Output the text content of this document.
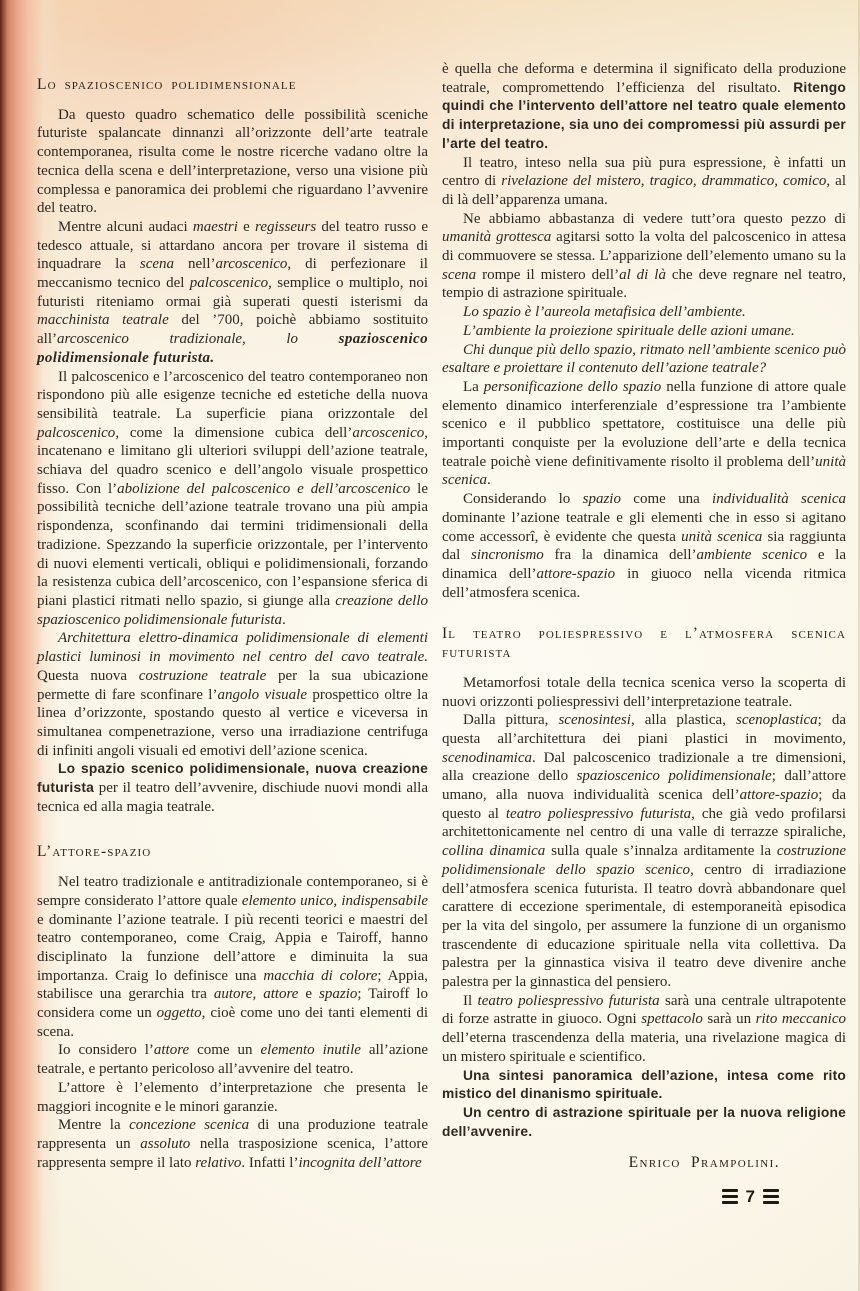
Lo spazioscenico polidimensionale

Da questo quadro schematico delle possibilità sceniche futuriste spalancate dinnanzi all’orizzonte dell’arte teatrale contemporanea, risulta come le nostre ricerche vadano oltre la tecnica della scena e dell’interpretazione, verso una visione più complessa e panoramica dei problemi che riguardano l’avvenire del teatro.

Mentre alcuni audaci maestri e regisseurs del teatro russo e tedesco attuale, si attardano ancora per trovare il sistema di inquadrare la scena nell’arcoscenico, di perfezionare il meccanismo tecnico del palcoscenico, semplice o multiplo, noi futuristi riteniamo ormai già superati questi isterismi da macchinista teatrale del ’700, poichè abbiamo sostituito all’arcoscenico tradizionale, lo	spazioscenico polidimensionale futurista.

Il palcoscenico e l’arcoscenico del teatro contemporaneo non rispondono più alle esigenze tecniche ed estetiche della nuova sensibilità teatrale. La superficie piana orizzontale del palcoscenico, come la dimensione cubica dell’arcoscenico, incatenano e limitano gli ulteriori sviluppi dell’azione teatrale, schiava del quadro scenico e dell’angolo visuale prospettico fisso. Con l’abolizione del palcoscenico e dell’arcoscenico le possibilità tecniche dell’azione teatrale trovano una più ampia rispondenza, sconfinando dai termini tridimensionali della tradizione. Spezzando la superficie orizzontale, per l’intervento di nuovi elementi verticali, obliqui e polidimensionali, forzando la resistenza cubica dell’arcoscenico, con l’espansione sferica di piani plastici ritmati nello spazio, si giunge alla creazione dello spazioscenico polidimensionale futurista.

Architettura elettro-dinamica polidimensionale di elementi plastici luminosi in movimento nel centro del cavo teatrale. Questa nuova costruzione teatrale per la sua ubicazione permette di fare sconfinare l’angolo visuale prospettico oltre la linea d’orizzonte, spostando questo al vertice e viceversa in simultanea compenetrazione, verso una irradiazione centrifuga di infiniti angoli visuali ed emotivi dell’azione scenica.

Lo spazio scenico polidimensionale, nuova creazione futurista per il teatro dell’avvenire, dischiude nuovi mondi alla tecnica ed alla magia teatrale.

L’attore-spazio

Nel teatro tradizionale e antitradizionale contemporaneo, si è sempre considerato l’attore quale elemento unico, indispensabile e dominante l’azione teatrale. I più recenti teorici e maestri del teatro contemporaneo, come Craig, Appia e Tairoff, hanno disciplinato la funzione dell’attore e diminuita la sua importanza. Craig lo definisce una macchia di colore; Appia, stabilisce una gerarchia tra autore, attore e spazio; Tairoff lo considera come un oggetto, cioè come uno dei tanti elementi di scena.

Io considero l’attore come un elemento inutile all’azione teatrale, e pertanto pericoloso all’avvenire del teatro.

L’attore è l’elemento d’interpretazione che presenta le maggiori incognite e le minori garanzie.

Mentre la concezione scenica di una produzione teatrale rappresenta un assoluto nella trasposizione scenica, l’attore rappresenta sempre il lato relativo. Infatti l’incognita dell’attore

è quella che deforma e determina il significato della produzione teatrale, compromettendo l’efficienza del risultato. Ritengo quindi che l’intervento dell’attore nel teatro quale elemento di interpretazione, sia uno dei compromessi più assurdi per l’arte del teatro.

Il teatro, inteso nella sua più pura espressione, è infatti un centro di rivelazione del mistero, tragico, drammatico, comico, al di là dell’apparenza umana.

Ne abbiamo abbastanza di vedere tutt’ora questo pezzo di umanità grottesca agitarsi sotto la volta del palcoscenico in attesa di commuovere se stessa. L’apparizione dell’elemento umano su la scena rompe il mistero dell’al di là che deve regnare nel teatro, tempio di astrazione spirituale.

Lo spazio è l’aureola metafisica dell’ambiente.

L’ambiente la proiezione spirituale delle azioni umane.

Chi dunque più dello spazio, ritmato nell’ambiente scenico può esaltare e proiettare il contenuto dell’azione teatrale?

La personificazione dello spazio nella funzione di attore quale elemento dinamico interferenziale d’espressione tra l’ambiente scenico e il pubblico spettatore, costituisce una delle più importanti conquiste per la evoluzione dell’arte e della tecnica teatrale poichè viene definitivamente risolto il problema dell’unità scenica.

Considerando lo spazio come una individualità scenica dominante l’azione teatrale e gli elementi che in esso si agitano come accessorî, è evidente che questa unità scenica sia raggiunta dal sincronismo fra la dinamica dell’ambiente scenico e la dinamica dell’attore-spazio in giuoco nella vicenda ritmica dell’atmosfera scenica.

Il teatro poliespressivo e l’atmosfera scenica futurista

Metamorfosi totale della tecnica scenica verso la scoperta di nuovi orizzonti poliespressivi dell’interpretazione teatrale.

Dalla pittura, scenosintesi, alla plastica, scenoplastica; da questa all’architettura dei piani plastici in movimento, scenodinamica. Dal palcoscenico tradizionale a tre dimensioni, alla creazione dello spazioscenico polidimensionale; dall’attore umano, alla nuova individualità scenica dell’attore-spazio; da questo al teatro poliespressivo futurista, che già vedo profilarsi architettonicamente nel centro di una valle di terrazze spiraliche, collina dinamica sulla quale s’innalza arditamente la costruzione polidimensionale dello spazio scenico, centro di irradiazione dell’atmosfera scenica futurista. Il teatro dovrà abbandonare quel carattere di eccezione sperimentale, di estemporaneità episodica per la vita del singolo, per assumere la funzione di un organismo trascendente di educazione spirituale nella vita collettiva. Da palestra per la ginnastica visiva il teatro deve divenire anche palestra per la ginnastica del pensiero.

Il teatro poliespressivo futurista sarà una centrale ultrapotente di forze astratte in giuoco. Ogni spettacolo sarà un rito meccanico dell’eterna trascendenza della materia, una rivelazione magica di un mistero spirituale e scientifico.

Una sintesi panoramica dell’azione, intesa come rito mistico del dinanismo spirituale.

Un centro di astrazione spirituale per la nuova religione dell’avvenire.

Enrico Prampolini.
7
